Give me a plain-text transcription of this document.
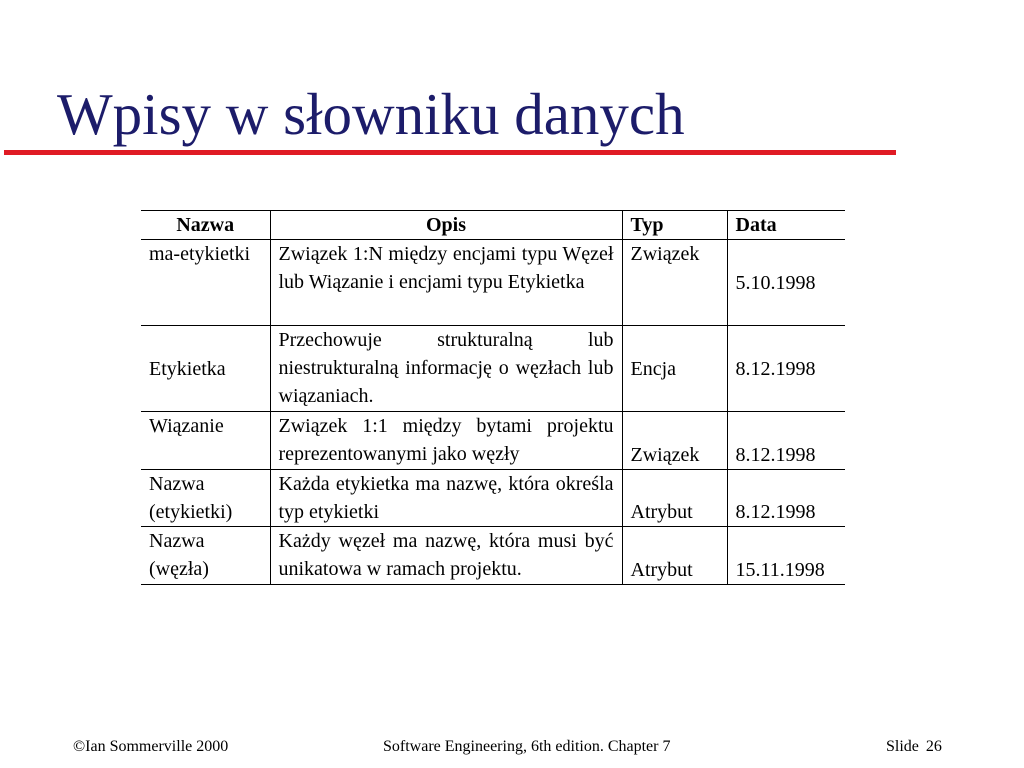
Wpisy w słowniku danych
Nazwa	Opis	Typ	Data
ma-etykietki	Związek 1:N między encjami typu Węzeł lub Wiązanie i encjami typu Etykietka	Związek	5.10.1998
Etykietka	Przechowuje strukturalną lub niestrukturalną informację o węzłach lub wiązaniach.	Encja	8.12.1998
Wiązanie	Związek 1:1 między bytami projektu reprezentowanymi jako węzły	Związek	8.12.1998
Nazwa (etykietki)	Każda etykietka ma nazwę, która określa typ etykietki	Atrybut	8.12.1998
Nazwa (węzła)	Każdy węzeł ma nazwę, która musi być unikatowa w ramach projektu.	Atrybut	15.11.1998
©Ian Sommerville 2000	Software Engineering, 6th edition. Chapter 7	Slide 26
